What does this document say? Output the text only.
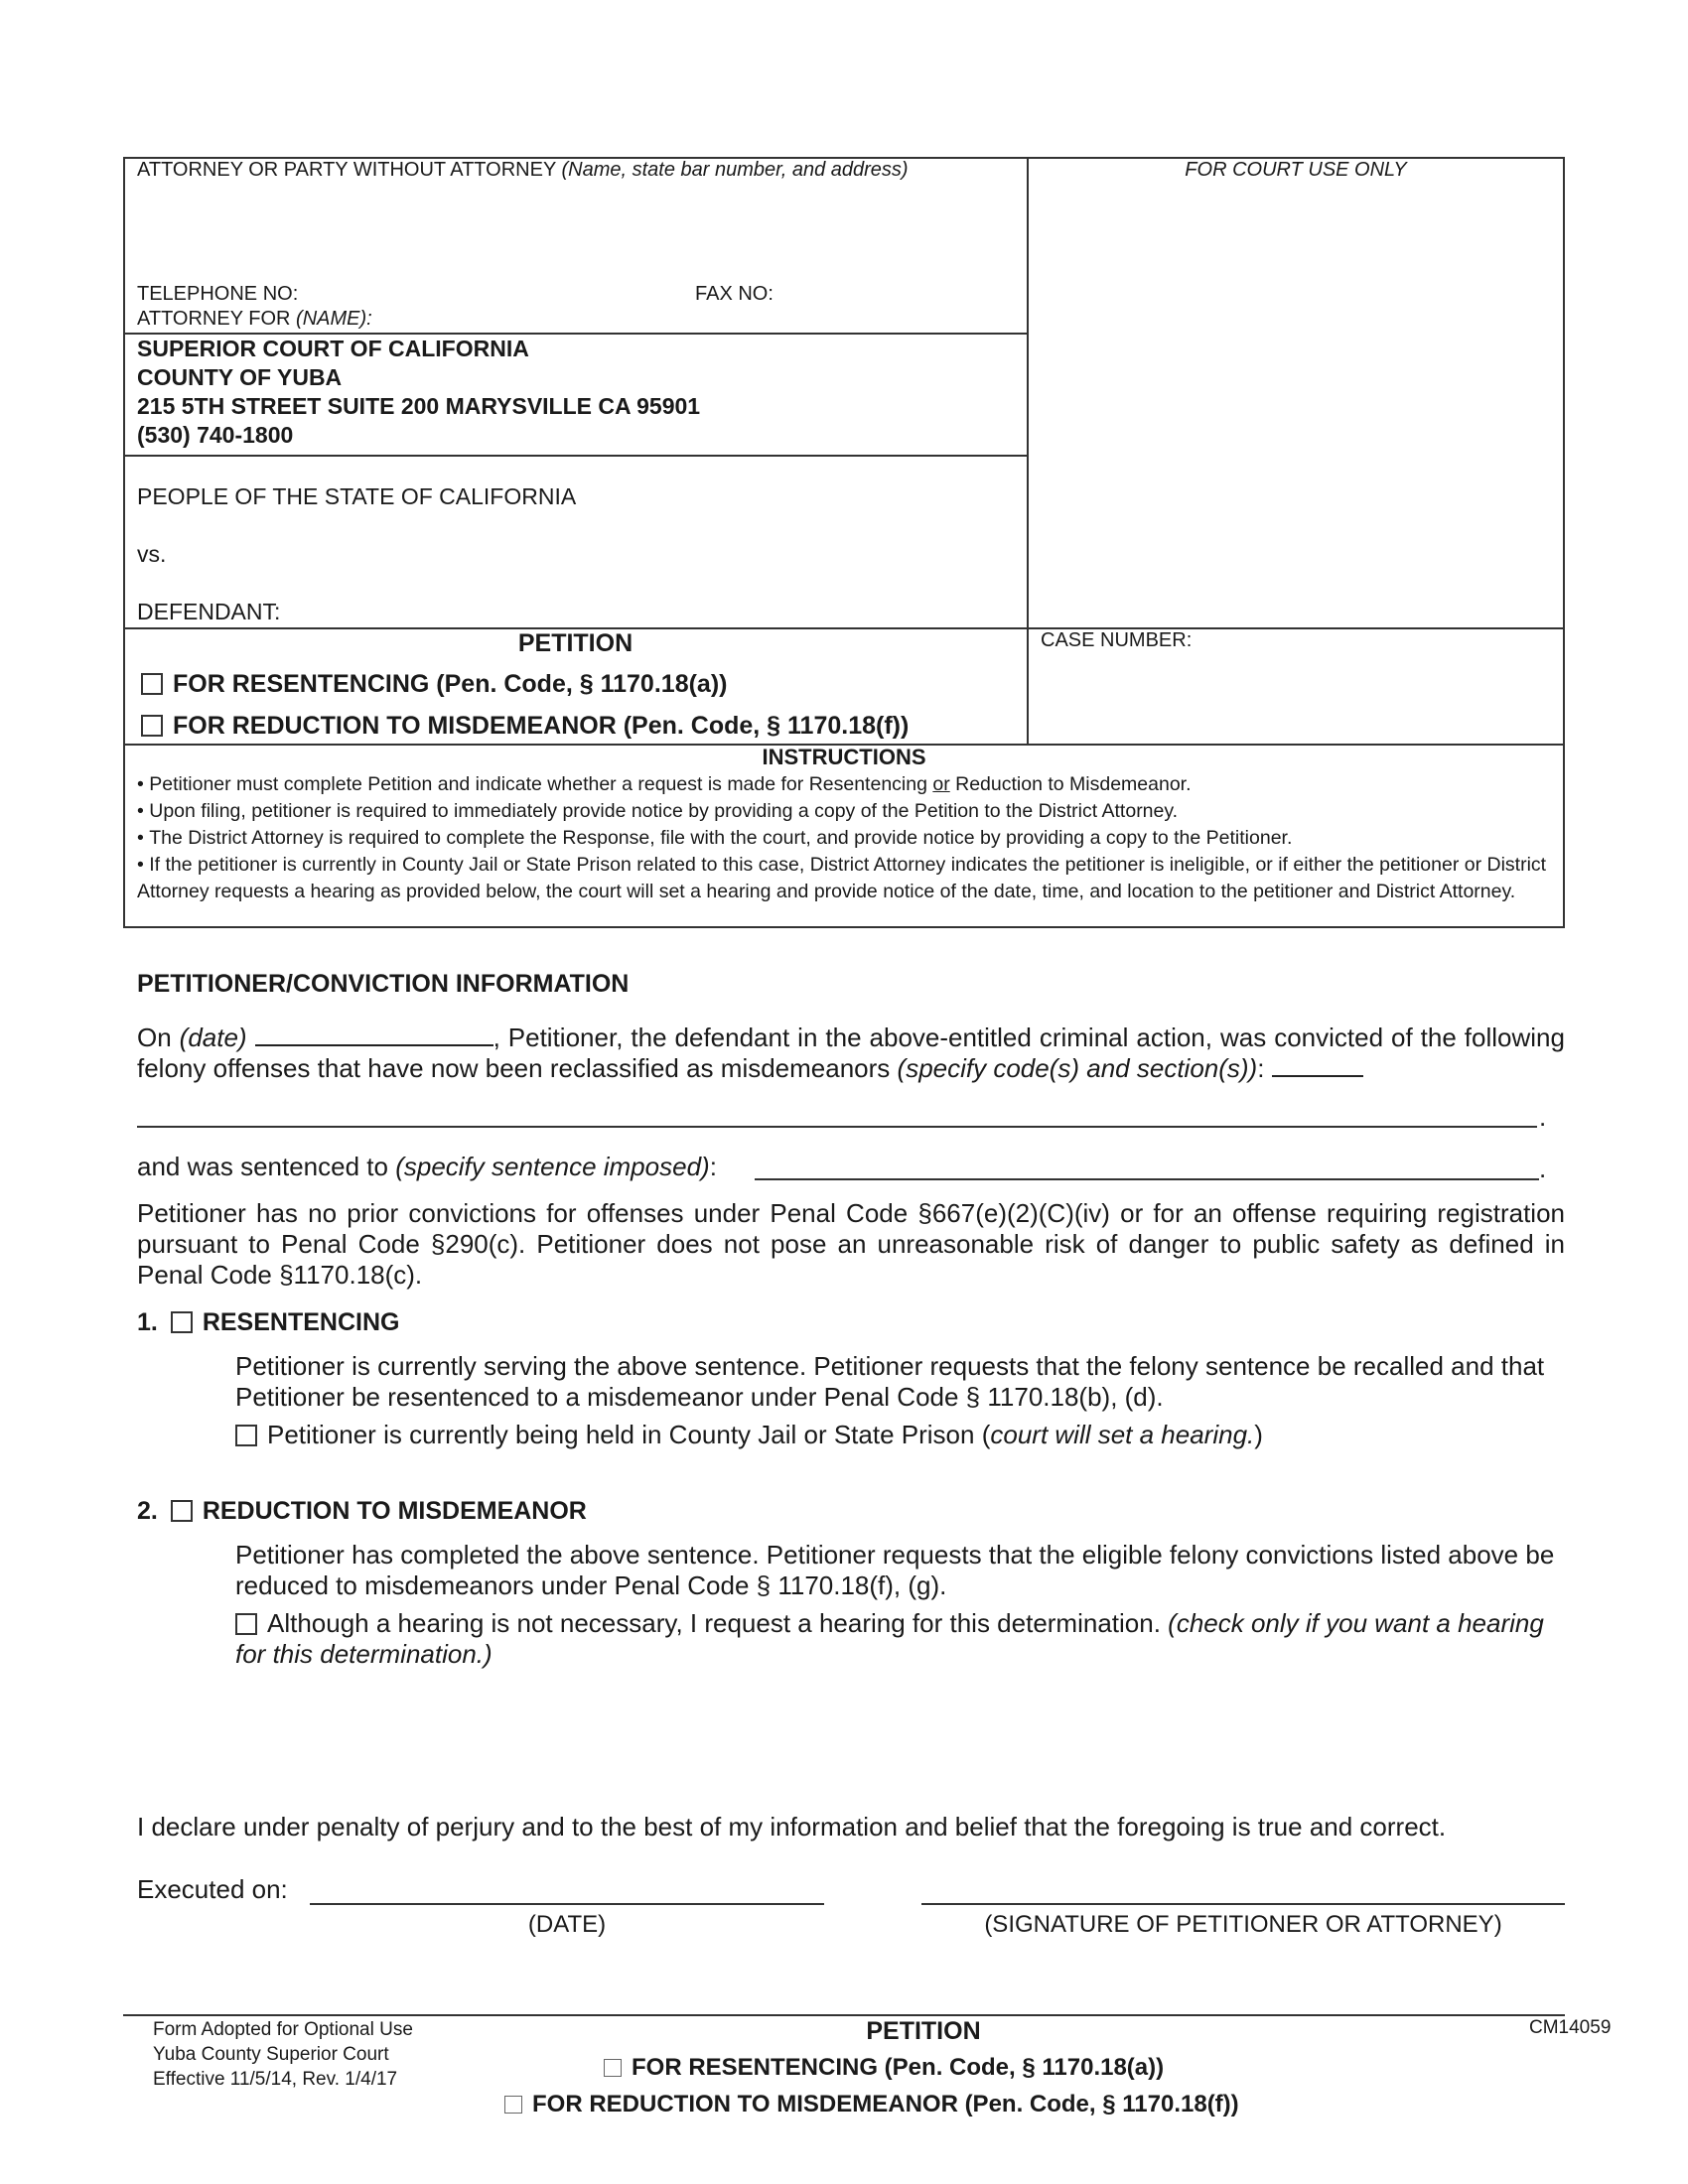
ATTORNEY OR PARTY WITHOUT ATTORNEY (Name, state bar number, and address)	FOR COURT USE ONLY
TELEPHONE NO:	FAX NO:
ATTORNEY FOR (NAME):
SUPERIOR COURT OF CALIFORNIA
COUNTY OF YUBA
215 5TH STREET SUITE 200 MARYSVILLE CA 95901
(530) 740-1800
PEOPLE OF THE STATE OF CALIFORNIA
vs.
DEFENDANT:
PETITION
FOR RESENTENCING (Pen. Code, § 1170.18(a))
FOR REDUCTION TO MISDEMEANOR (Pen. Code, § 1170.18(f))
CASE NUMBER:
INSTRUCTIONS
• Petitioner must complete Petition and indicate whether a request is made for Resentencing or Reduction to Misdemeanor.
• Upon filing, petitioner is required to immediately provide notice by providing a copy of the Petition to the District Attorney.
• The District Attorney is required to complete the Response, file with the court, and provide notice by providing a copy to the Petitioner.
• If the petitioner is currently in County Jail or State Prison related to this case, District Attorney indicates the petitioner is ineligible, or if either the petitioner or District Attorney requests a hearing as provided below, the court will set a hearing and provide notice of the date, time, and location to the petitioner and District Attorney.
PETITIONER/CONVICTION INFORMATION
On (date)	, Petitioner, the defendant in the above-entitled criminal action, was convicted of the following felony offenses that have now been reclassified as misdemeanors (specify code(s) and section(s)):
.
and was sentenced to (specify sentence imposed):	.
Petitioner has no prior convictions for offenses under Penal Code §667(e)(2)(C)(iv) or for an offense requiring registration pursuant to Penal Code §290(c). Petitioner does not pose an unreasonable risk of danger to public safety as defined in Penal Code §1170.18(c).
1. RESENTENCING
Petitioner is currently serving the above sentence. Petitioner requests that the felony sentence be recalled and that Petitioner be resentenced to a misdemeanor under Penal Code § 1170.18(b), (d).
Petitioner is currently being held in County Jail or State Prison (court will set a hearing.)
2. REDUCTION TO MISDEMEANOR
Petitioner has completed the above sentence. Petitioner requests that the eligible felony convictions listed above be reduced to misdemeanors under Penal Code § 1170.18(f), (g).
Although a hearing is not necessary, I request a hearing for this determination. (check only if you want a hearing for this determination.)
I declare under penalty of perjury and to the best of my information and belief that the foregoing is true and correct.
Executed on:
(DATE)	(SIGNATURE OF PETITIONER OR ATTORNEY)
Form Adopted for Optional Use
Yuba County Superior Court
Effective 11/5/14, Rev. 1/4/17
PETITION
FOR RESENTENCING (Pen. Code, § 1170.18(a))
FOR REDUCTION TO MISDEMEANOR (Pen. Code, § 1170.18(f))
CM14059
